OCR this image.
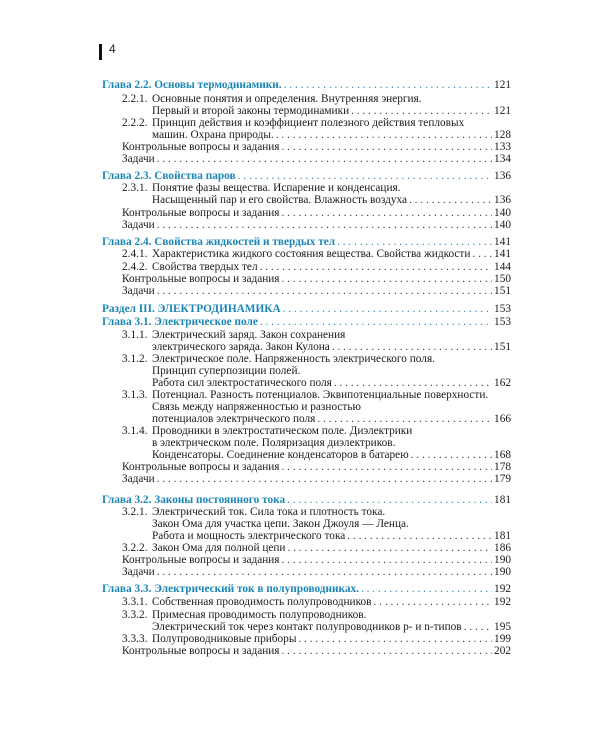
4
Глава 2.2. Основы термодинамики. . . .	121
2.2.1. Основные понятия и определения. Внутренняя энергия.
Первый и второй законы термодинамики . . .	121
2.2.2. Принцип действия и коэффициент полезного действия тепловых
машин. Охрана природы. . . .	128
Контрольные вопросы и задания . . .	133
Задачи . . .	134
Глава 2.3. Свойства паров . . .	136
2.3.1. Понятие фазы вещества. Испарение и конденсация.
Насыщенный пар и его свойства. Влажность воздуха . . .	136
Контрольные вопросы и задания . . .	140
Задачи . . .	140
Глава 2.4. Свойства жидкостей и твердых тел . . .	141
2.4.1. Характеристика жидкого состояния вещества. Свойства жидкости . . . 141
2.4.2. Свойства твердых тел . . .	144
Контрольные вопросы и задания . . .	150
Задачи . . .	151
Раздел III. ЭЛЕКТРОДИНАМИКА . . .	153
Глава 3.1. Электрическое поле . . .	153
3.1.1. Электрический заряд. Закон сохранения
электрического заряда. Закон Кулона . . .	151
3.1.2. Электрическое поле. Напряженность электрического поля.
Принцип суперпозиции полей.
Работа сил электростатического поля . . .	162
3.1.3. Потенциал. Разность потенциалов. Эквипотенциальные поверхности.
Связь между напряженностью и разностью
потенциалов электрического поля . . .	166
3.1.4. Проводники в электростатическом поле. Диэлектрики
в электрическом поле. Поляризация диэлектриков.
Конденсаторы. Соединение конденсаторов в батарею . . .	168
Контрольные вопросы и задания . . .	178
Задачи . . .	179
Глава 3.2. Законы постоянного тока . . .	181
3.2.1. Электрический ток. Сила тока и плотность тока.
Закон Ома для участка цепи. Закон Джоуля — Ленца.
Работа и мощность электрического тока . . .	181
3.2.2. Закон Ома для полной цепи . . .	186
Контрольные вопросы и задания . . .	190
Задачи . . .	190
Глава 3.3. Электрический ток в полупроводниках. . . .	192
3.3.1. Собственная проводимость полупроводников . . .	192
3.3.2. Примесная проводимость полупроводников.
Электрический ток через контакт полупроводников p- и n-типов . . .	195
3.3.3. Полупроводниковые приборы . . .	199
Контрольные вопросы и задания . . .	202
